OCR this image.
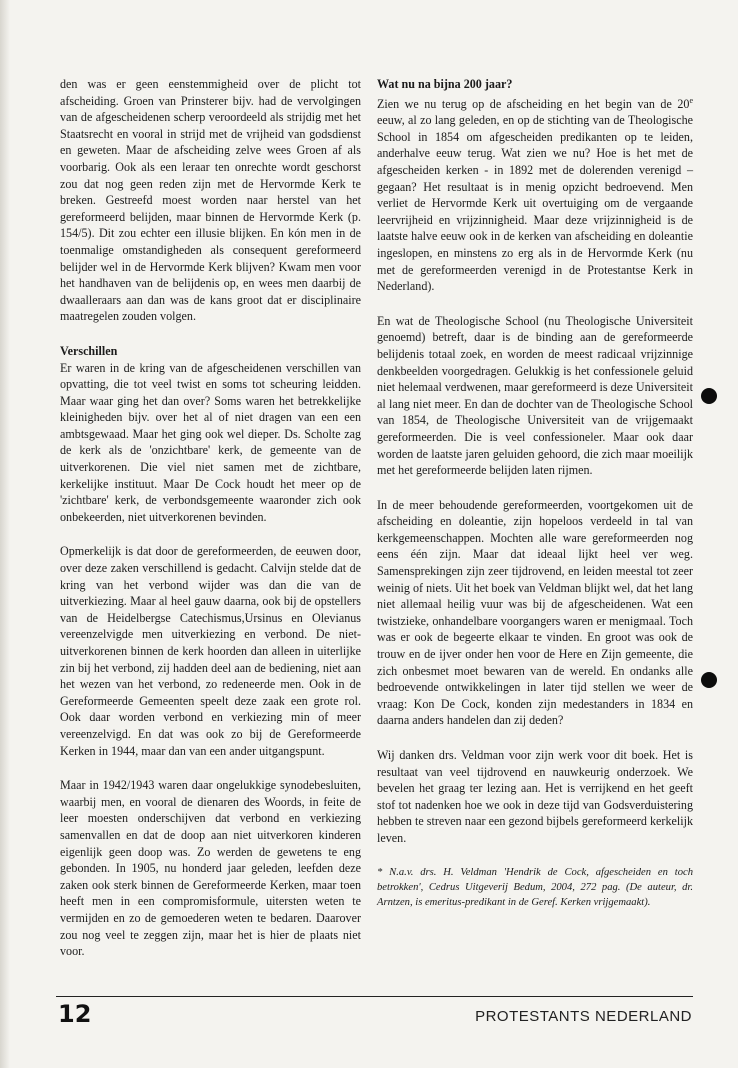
den was er geen eenstemmigheid over de plicht tot afscheiding. Groen van Prinsterer bijv. had de vervolgingen van de afgescheidenen scherp veroordeeld als strijdig met het Staatsrecht en vooral in strijd met de vrijheid van godsdienst en geweten. Maar de afscheiding zelve wees Groen af als voorbarig. Ook als een leraar ten onrechte wordt geschorst zou dat nog geen reden zijn met de Hervormde Kerk te breken. Gestreefd moest worden naar herstel van het gereformeerd belijden, maar binnen de Hervormde Kerk (p. 154/5). Dit zou echter een illusie blijken. En kón men in de toenmalige omstandigheden als consequent gereformeerd belijder wel in de Hervormde Kerk blijven? Kwam men voor het handhaven van de belijdenis op, en wees men daarbij de dwaalleraars aan dan was de kans groot dat er disciplinaire maatregelen zouden volgen.

Verschillen

Er waren in de kring van de afgescheidenen verschillen van opvatting, die tot veel twist en soms tot scheuring leidden. Maar waar ging het dan over? Soms waren het betrekkelijke kleinigheden bijv. over het al of niet dragen van een een ambtsgewaad. Maar het ging ook wel dieper. Ds. Scholte zag de kerk als de 'onzichtbare' kerk, de gemeente van de uitverkorenen. Die viel niet samen met de zichtbare, kerkelijke instituut. Maar De Cock houdt het meer op de 'zichtbare' kerk, de verbondsgemeente waaronder zich ook onbekeerden, niet uitverkorenen bevinden.

Opmerkelijk is dat door de gereformeerden, de eeuwen door, over deze zaken verschillend is gedacht. Calvijn stelde dat de kring van het verbond wijder was dan die van de uitverkiezing. Maar al heel gauw daarna, ook bij de opstellers van de Heidelbergse Catechismus,Ursinus en Olevianus vereenzelvigde men uitverkiezing en verbond. De niet-uitverkorenen binnen de kerk hoorden dan alleen in uiterlijke zin bij het verbond, zij hadden deel aan de bediening, niet aan het wezen van het verbond, zo redeneerde men. Ook in de Gereformeerde Gemeenten speelt deze zaak een grote rol. Ook daar worden verbond en verkiezing min of meer vereenzelvigd. En dat was ook zo bij de Gereformeerde Kerken in 1944, maar dan van een ander uitgangspunt.

Maar in 1942/1943 waren daar ongelukkige synodebesluiten, waarbij men, en vooral de dienaren des Woords, in feite de leer moesten onderschijven dat verbond en verkiezing samenvallen en dat de doop aan niet uitverkoren kinderen eigenlijk geen doop was. Zo werden de gewetens te eng gebonden. In 1905, nu honderd jaar geleden, leefden deze zaken ook sterk binnen de Gereformeerde Kerken, maar toen heeft men in een compromisformule, uitersten weten te vermijden en zo de gemoederen weten te bedaren. Daarover zou nog veel te zeggen zijn, maar het is hier de plaats niet voor.

Wat nu na bijna 200 jaar?

Zien we nu terug op de afscheiding en het begin van de 20e eeuw, al zo lang geleden, en op de stichting van de Theologische School in 1854 om afgescheiden predikanten op te leiden, anderhalve eeuw terug. Wat zien we nu? Hoe is het met de afgescheiden kerken - in 1892 met de dolerenden verenigd – gegaan? Het resultaat is in menig opzicht bedroevend. Men verliet de Hervormde Kerk uit overtuiging om de vergaande leervrijheid en vrijzinnigheid. Maar deze vrijzinnigheid is de laatste halve eeuw ook in de kerken van afscheiding en doleantie ingeslopen, en minstens zo erg als in de Hervormde Kerk (nu met de gereformeerden verenigd in de Protestantse Kerk in Nederland).

En wat de Theologische School (nu Theologische Universiteit genoemd) betreft, daar is de binding aan de gereformeerde belijdenis totaal zoek, en worden de meest radicaal vrijzinnige denkbeelden voorgedragen. Gelukkig is het confessionele geluid niet helemaal verdwenen, maar gereformeerd is deze Universiteit al lang niet meer. En dan de dochter van de Theologische School van 1854, de Theologische Universiteit van de vrijgemaakt gereformeerden. Die is veel confessioneler. Maar ook daar worden de laatste jaren geluiden gehoord, die zich maar moeilijk met het gereformeerde belijden laten rijmen.

In de meer behoudende gereformeerden, voortgekomen uit de afscheiding en doleantie, zijn hopeloos verdeeld in tal van kerkgemeenschappen. Mochten alle ware gereformeerden nog eens één zijn. Maar dat ideaal lijkt heel ver weg. Samensprekingen zijn zeer tijdrovend, en leiden meestal tot zeer weinig of niets. Uit het boek van Veldman blijkt wel, dat het lang niet allemaal heilig vuur was bij de afgescheidenen. Wat een twistzieke, onhandelbare voorgangers waren er menigmaal. Toch was er ook de begeerte elkaar te vinden. En groot was ook de trouw en de ijver onder hen voor de Here en Zijn gemeente, die zich onbesmet moet bewaren van de wereld. En ondanks alle bedroevende ontwikkelingen in later tijd stellen we weer de vraag: Kon De Cock, konden zijn medestanders in 1834 en daarna anders handelen dan zij deden?

Wij danken drs. Veldman voor zijn werk voor dit boek. Het is resultaat van veel tijdrovend en nauwkeurig onderzoek. We bevelen het graag ter lezing aan. Het is verrijkend en het geeft stof tot nadenken hoe we ook in deze tijd van Godsverduistering hebben te streven naar een gezond bijbels gereformeerd kerkelijk leven.

* N.a.v. drs. H. Veldman 'Hendrik de Cock, afgescheiden en toch betrokken', Cedrus Uitgeverij Bedum, 2004, 272 pag. (De auteur, dr. Arntzen, is emeritus-predikant in de Geref. Kerken vrijgemaakt).

12	PROTESTANTS NEDERLAND
